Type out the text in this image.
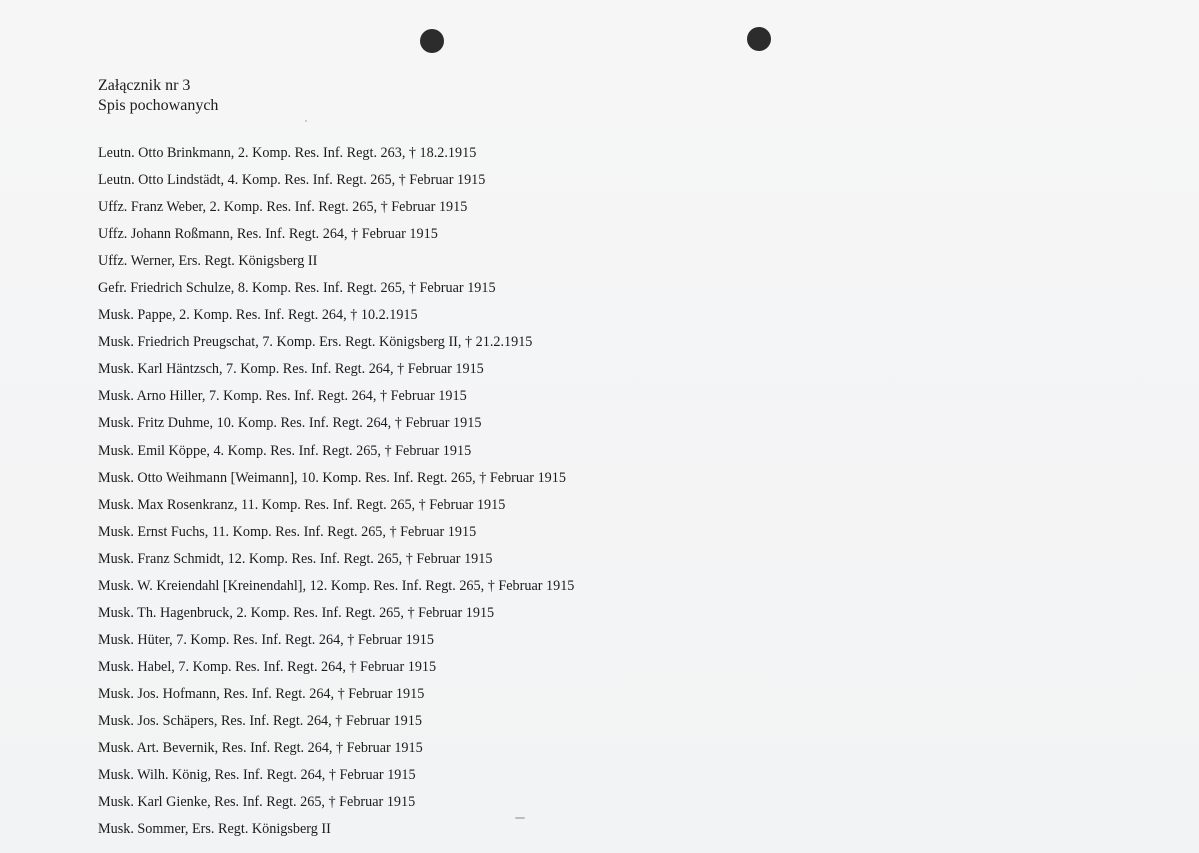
Załącznik nr 3
Spis pochowanych
Leutn. Otto Brinkmann, 2. Komp. Res. Inf. Regt. 263, † 18.2.1915
Leutn. Otto Lindstädt, 4. Komp. Res. Inf. Regt. 265, † Februar 1915
Uffz. Franz Weber, 2. Komp. Res. Inf. Regt. 265, † Februar 1915
Uffz. Johann Roßmann, Res. Inf. Regt. 264, † Februar 1915
Uffz. Werner, Ers. Regt. Königsberg II
Gefr. Friedrich Schulze, 8. Komp. Res. Inf. Regt. 265, † Februar 1915
Musk. Pappe, 2. Komp. Res. Inf. Regt. 264, † 10.2.1915
Musk. Friedrich Preugschat, 7. Komp. Ers. Regt. Königsberg II, † 21.2.1915
Musk. Karl Häntzsch, 7. Komp. Res. Inf. Regt. 264, † Februar 1915
Musk. Arno Hiller, 7. Komp. Res. Inf. Regt. 264, † Februar 1915
Musk. Fritz Duhme, 10. Komp. Res. Inf. Regt. 264, † Februar 1915
Musk. Emil Köppe, 4. Komp. Res. Inf. Regt. 265, † Februar 1915
Musk. Otto Weihmann [Weimann], 10. Komp. Res. Inf. Regt. 265, † Februar 1915
Musk. Max Rosenkranz, 11. Komp. Res. Inf. Regt. 265, † Februar 1915
Musk. Ernst Fuchs, 11. Komp. Res. Inf. Regt. 265, † Februar 1915
Musk. Franz Schmidt, 12. Komp. Res. Inf. Regt. 265, † Februar 1915
Musk. W. Kreiendahl [Kreinendahl], 12. Komp. Res. Inf. Regt. 265, † Februar 1915
Musk. Th. Hagenbruck, 2. Komp. Res. Inf. Regt. 265, † Februar 1915
Musk. Hüter, 7. Komp. Res. Inf. Regt. 264, † Februar 1915
Musk. Habel, 7. Komp. Res. Inf. Regt. 264, † Februar 1915
Musk. Jos. Hofmann, Res. Inf. Regt. 264, † Februar 1915
Musk. Jos. Schäpers, Res. Inf. Regt. 264, † Februar 1915
Musk. Art. Bevernik, Res. Inf. Regt. 264, † Februar 1915
Musk. Wilh. König, Res. Inf. Regt. 264, † Februar 1915
Musk. Karl Gienke, Res. Inf. Regt. 265, † Februar 1915
Musk. Sommer, Ers. Regt. Königsberg II
